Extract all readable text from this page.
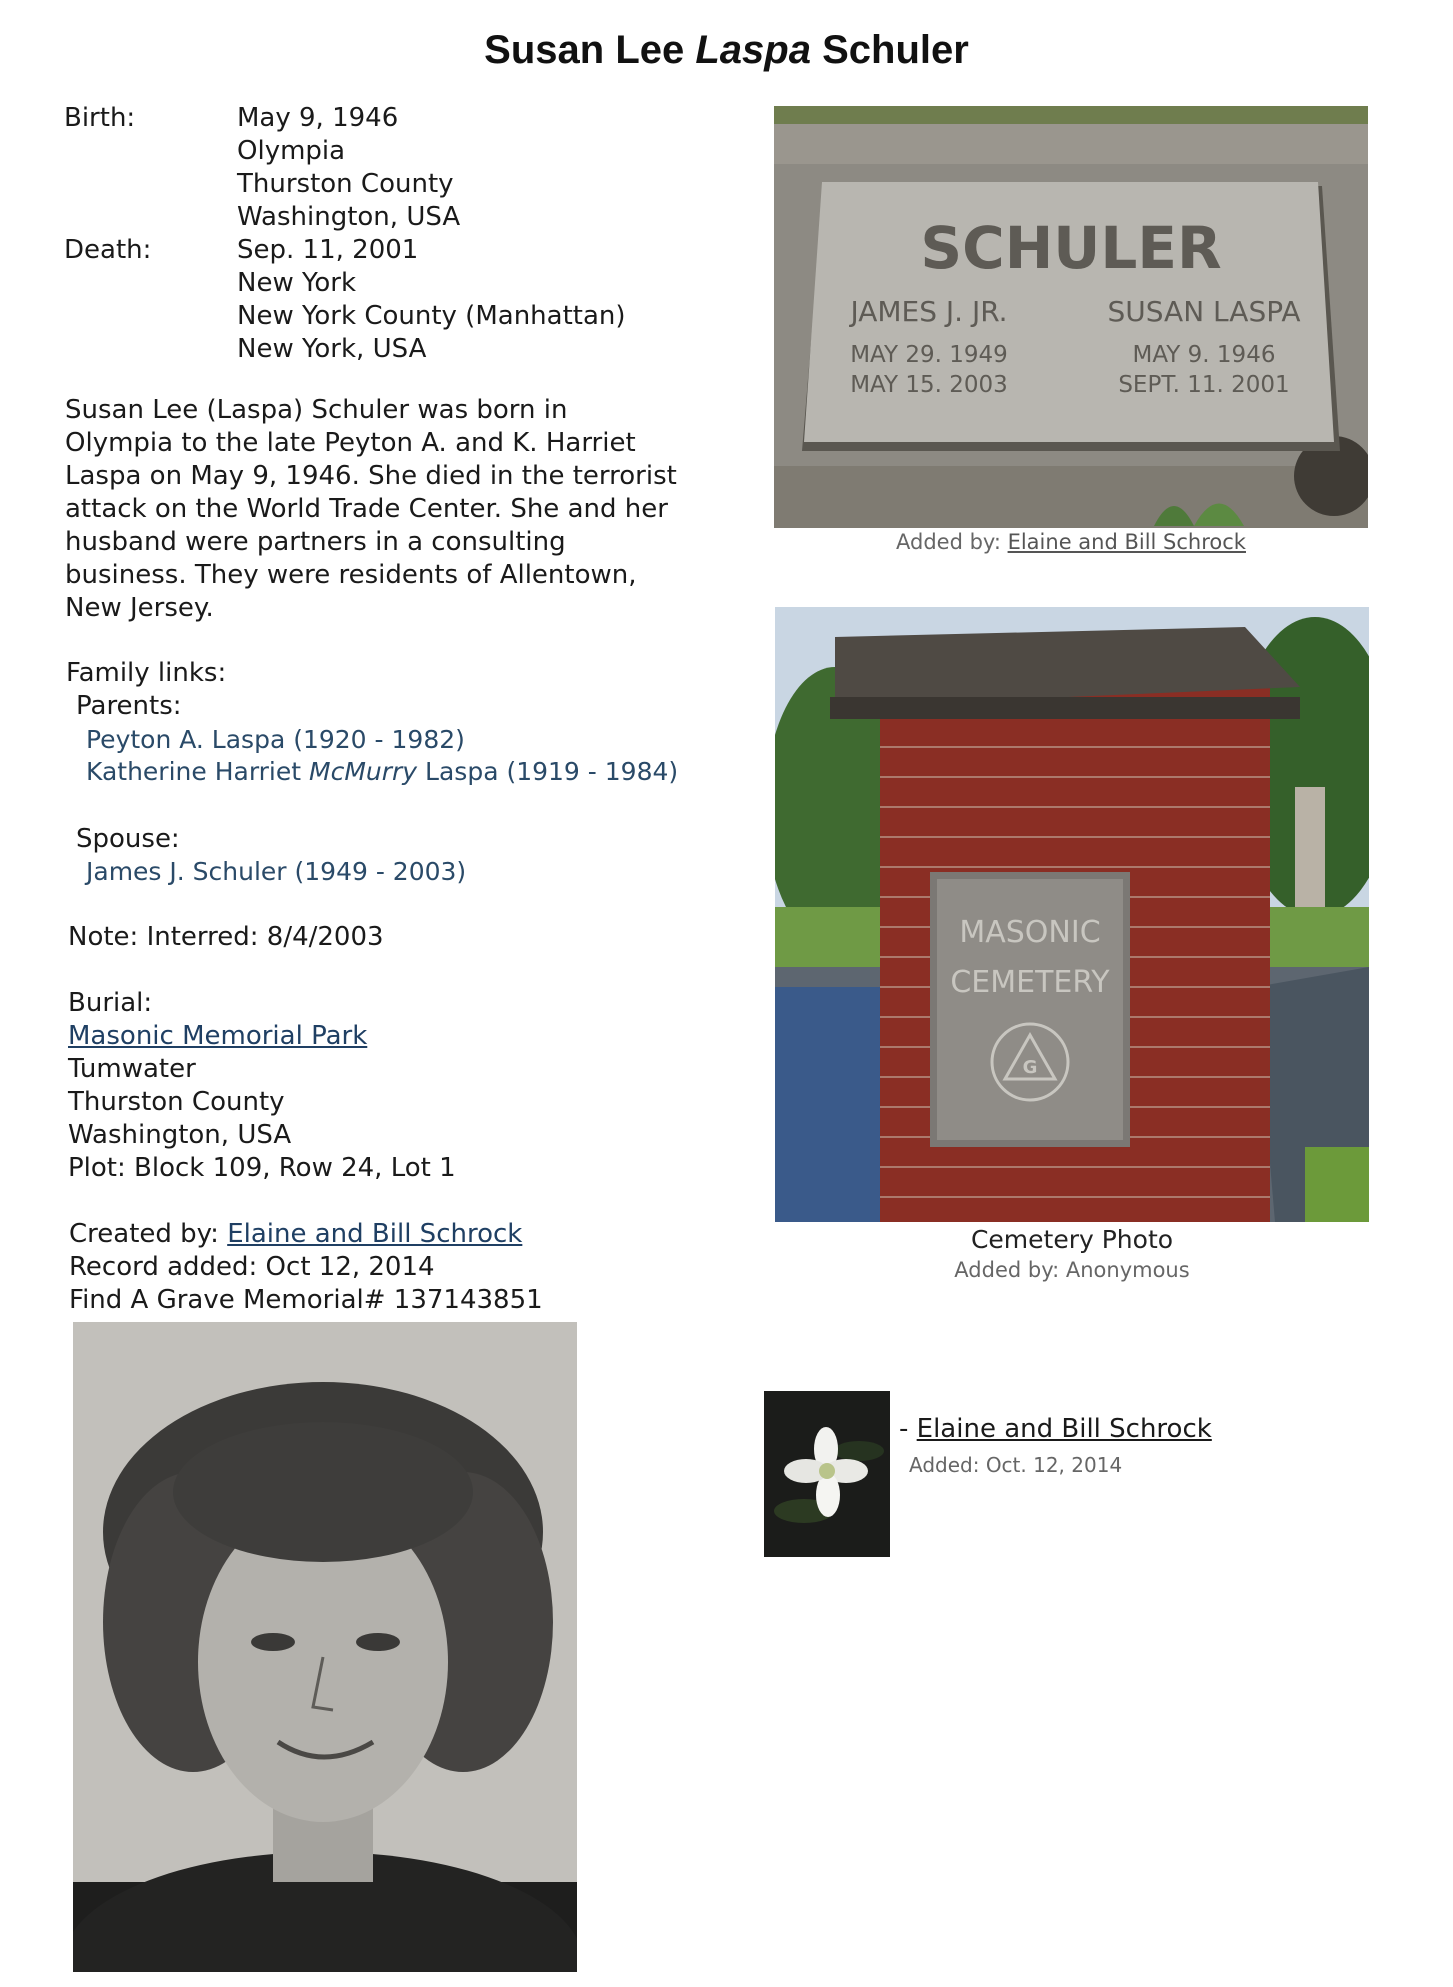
Susan Lee Laspa Schuler
Birth:	May 9, 1946
Olympia
Thurston County
Washington, USA
Death:	Sep. 11, 2001
New York
New York County (Manhattan)
New York, USA
Susan Lee (Laspa) Schuler was born in
Olympia to the late Peyton A. and K. Harriet
Laspa on May 9, 1946. She died in the terrorist
attack on the World Trade Center. She and her
husband were partners in a consulting
business. They were residents of Allentown,
New Jersey.
Family links:
Parents:
Peyton A. Laspa (1920 - 1982)
Katherine Harriet McMurry Laspa (1919 - 1984)
Spouse:
James J. Schuler (1949 - 2003)
Note: Interred: 8/4/2003
Burial:
Masonic Memorial Park
Tumwater
Thurston County
Washington, USA
Plot: Block 109, Row 24, Lot 1
Created by: Elaine and Bill Schrock
Record added: Oct 12, 2014
Find A Grave Memorial# 137143851
SCHULER
JAMES J. JR.
MAY 29. 1949
MAY 15. 2003
SUSAN LASPA
MAY 9. 1946
SEPT. 11. 2001
Added by: Elaine and Bill Schrock
MASONIC
CEMETERY
G
Cemetery Photo
Added by: Anonymous
- Elaine and Bill Schrock
Added: Oct. 12, 2014
